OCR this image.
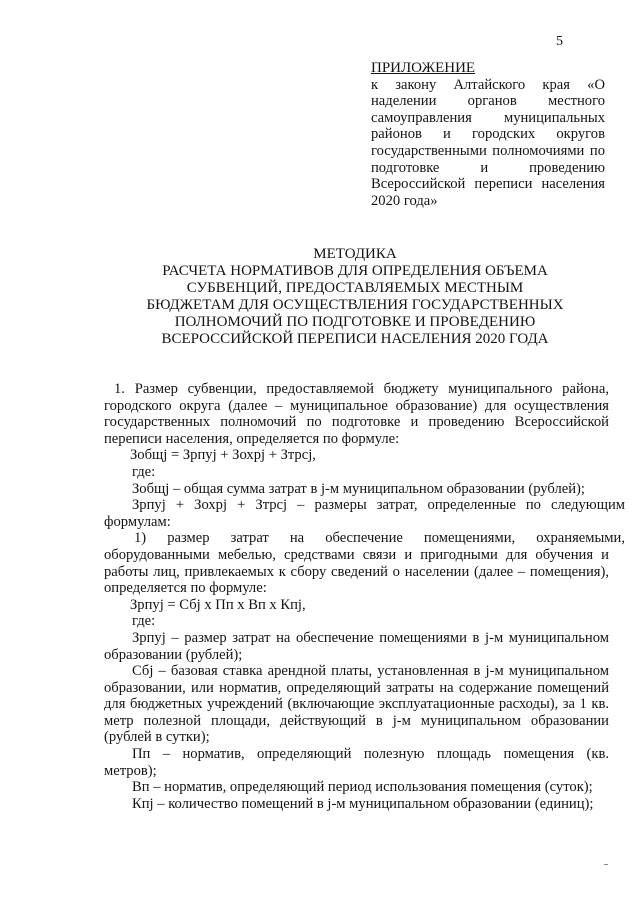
5
ПРИЛОЖЕНИЕ
к закону Алтайского края «О наделении органов местного самоуправления муниципальных районов и городских округов государственными полномочиями по подготовке и проведению Всероссийской переписи населения 2020 года»
МЕТОДИКА
РАСЧЕТА НОРМАТИВОВ ДЛЯ ОПРЕДЕЛЕНИЯ ОБЪЕМА
СУБВЕНЦИЙ, ПРЕДОСТАВЛЯЕМЫХ МЕСТНЫМ
БЮДЖЕТАМ ДЛЯ ОСУЩЕСТВЛЕНИЯ ГОСУДАРСТВЕННЫХ
ПОЛНОМОЧИЙ ПО ПОДГОТОВКЕ И ПРОВЕДЕНИЮ
ВСЕРОССИЙСКОЙ ПЕРЕПИСИ НАСЕЛЕНИЯ 2020 ГОДА
1. Размер субвенции, предоставляемой бюджету муниципального района,
городского округа (далее – муниципальное образование) для осуществления
государственных полномочий по подготовке и проведению Всероссийской
переписи населения, определяется по формуле:
Зобщj = Зрпуj + Зохрj + Зтрсj,
где:
Зобщj – общая сумма затрат в j-м муниципальном образовании (рублей);
Зрпуj + Зохрj + Зтрсj – размеры затрат, определенные по следующим
формулам:
1) размер затрат на обеспечение помещениями, охраняемыми,
оборудованными мебелью, средствами связи и пригодными для обучения и
работы лиц, привлекаемых к сбору сведений о населении (далее – помещения),
определяется по формуле:
Зрпуj = Сбj x Пп x Вп x Кпj,
где:
Зрпуj – размер затрат на обеспечение помещениями в j-м муниципальном
образовании (рублей);
Сбj – базовая ставка арендной платы, установленная в j-м муниципальном
образовании, или норматив, определяющий затраты на содержание помещений
для бюджетных учреждений (включающие эксплуатационные расходы), за 1 кв.
метр полезной площади, действующий в j-м муниципальном образовании
(рублей в сутки);
Пп – норматив, определяющий полезную площадь помещения (кв.
метров);
Вп – норматив, определяющий период использования помещения (суток);
Кпj – количество помещений в j-м муниципальном образовании (единиц);
